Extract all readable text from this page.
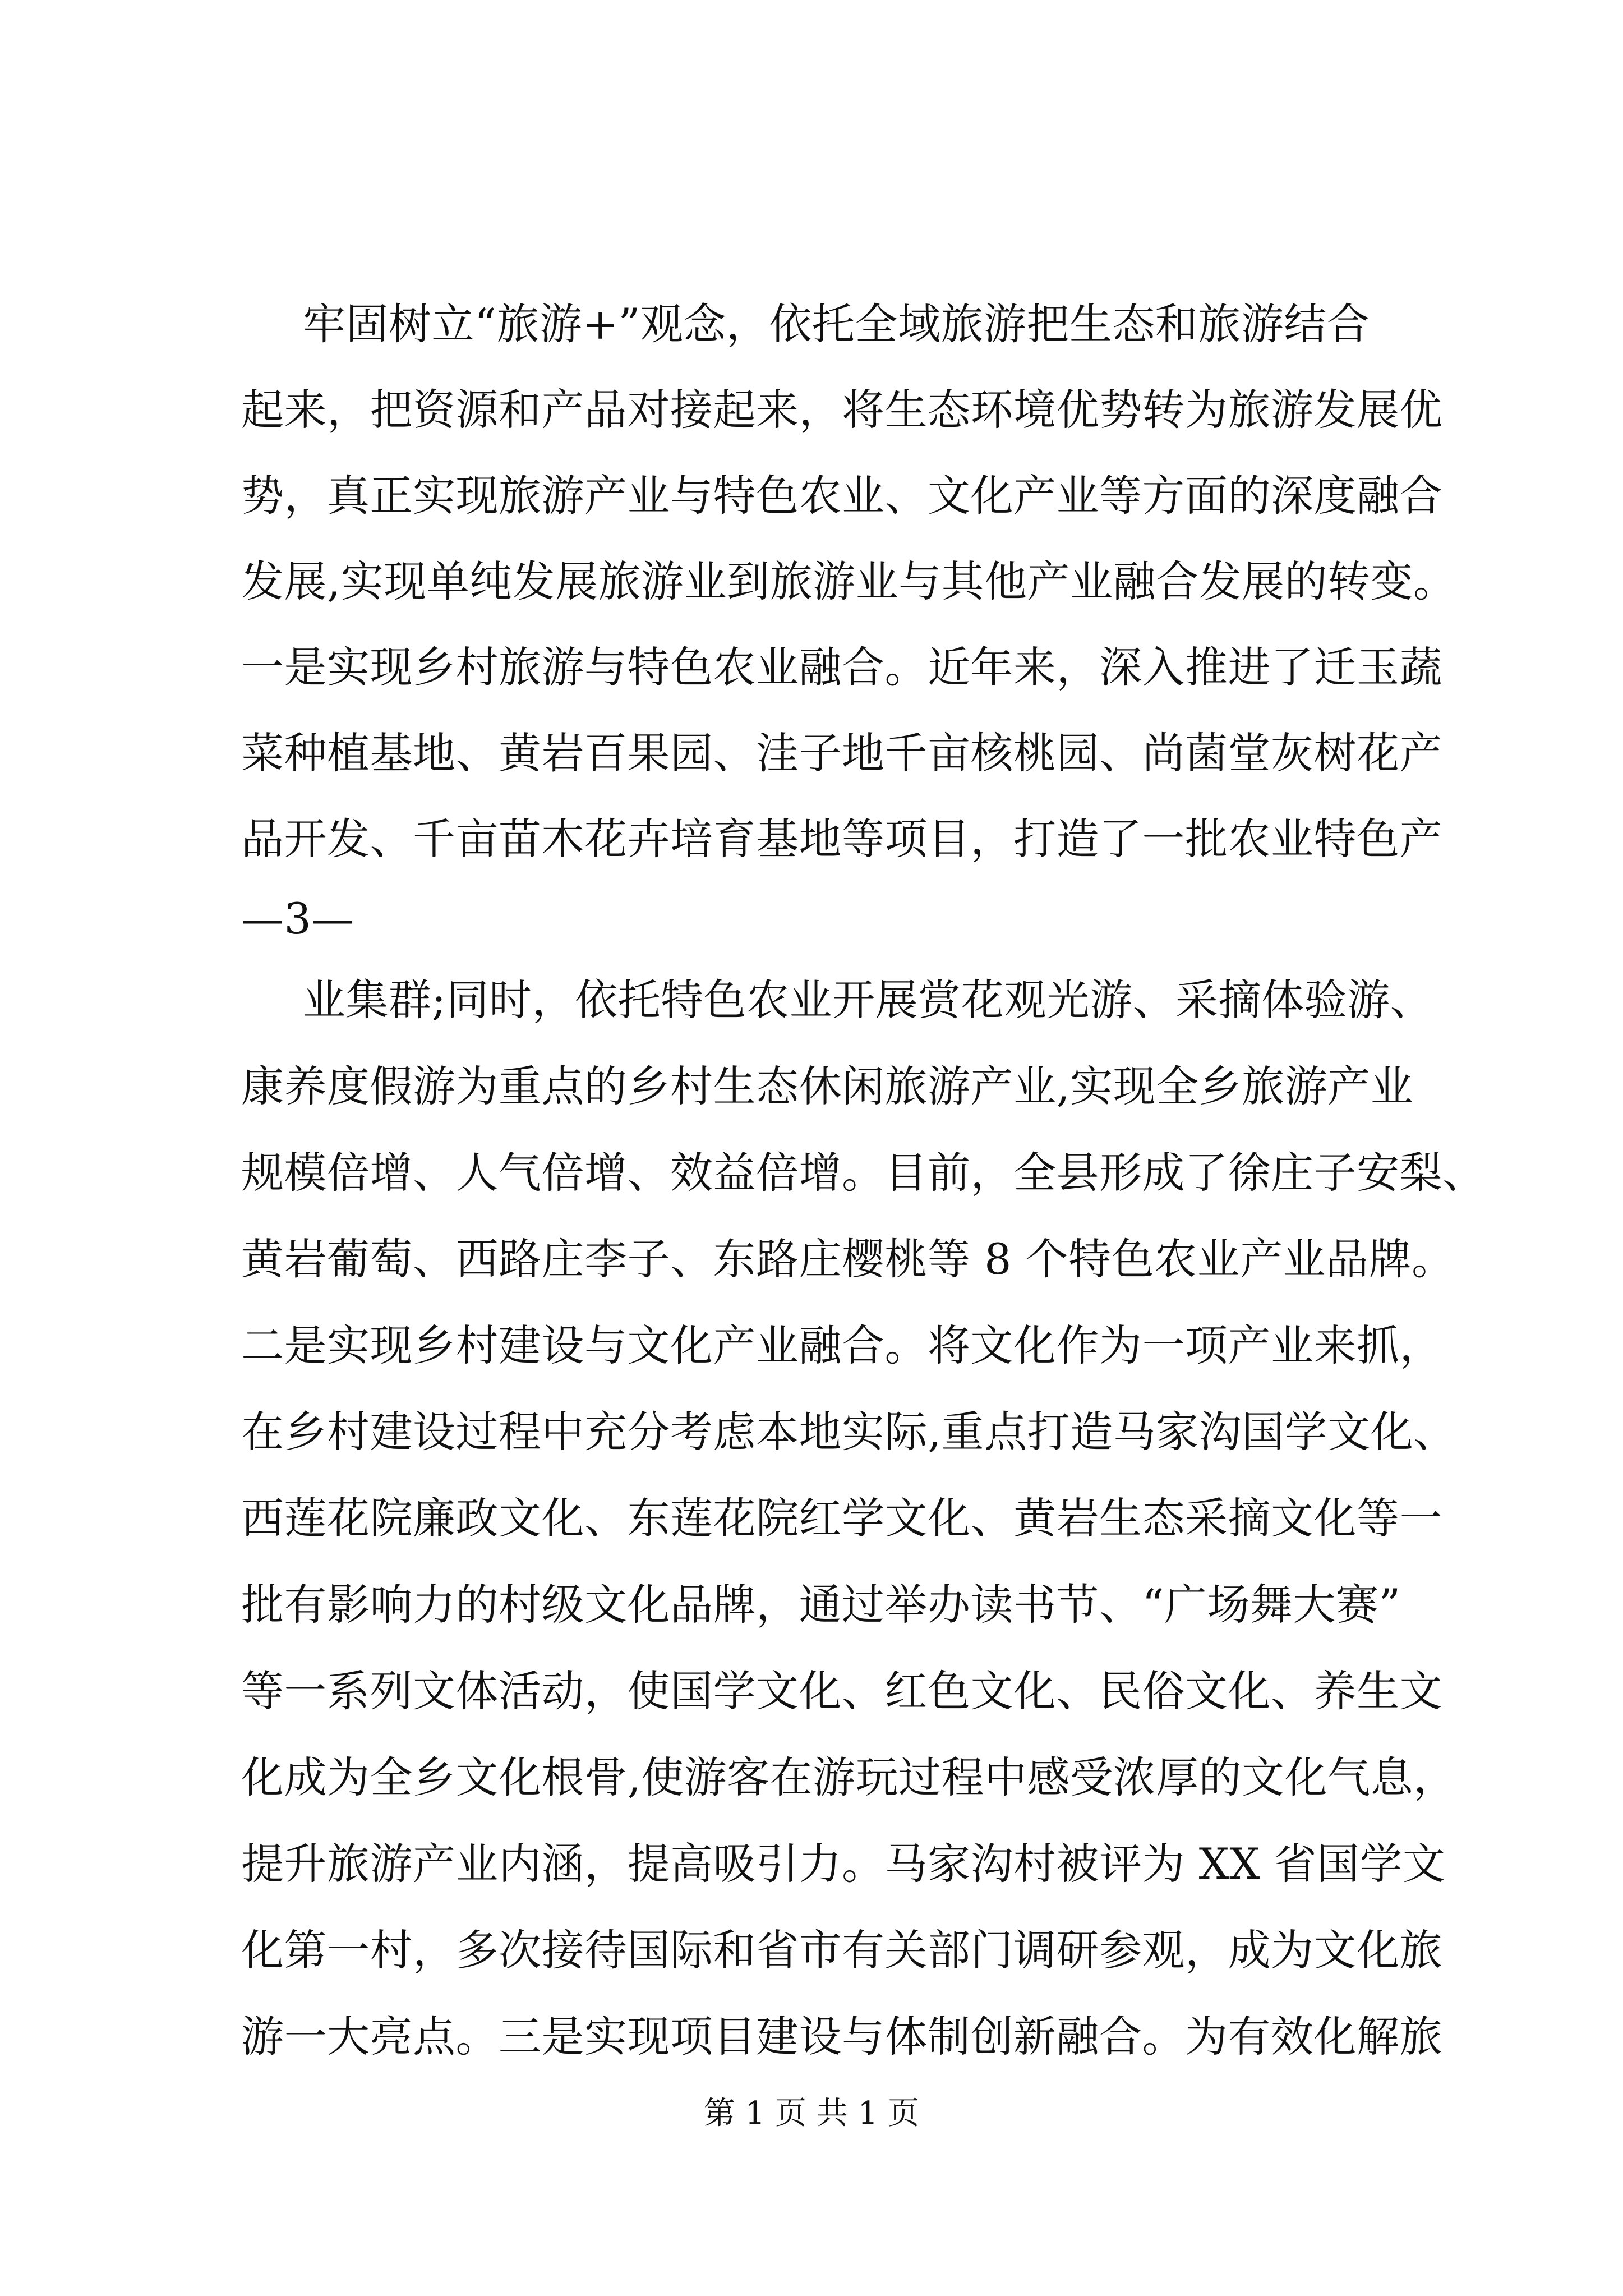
牢固树立“旅游+”观念，依托全域旅游把生态和旅游结合
起来，把资源和产品对接起来，将生态环境优势转为旅游发展优
势，真正实现旅游产业与特色农业、文化产业等方面的深度融合
发展,实现单纯发展旅游业到旅游业与其他产业融合发展的转变。
一是实现乡村旅游与特色农业融合。近年来，深入推进了迁玉蔬
菜种植基地、黄岩百果园、洼子地千亩核桃园、尚菌堂灰树花产
品开发、千亩苗木花卉培育基地等项目，打造了一批农业特色产
—3—
业集群;同时，依托特色农业开展赏花观光游、采摘体验游、
康养度假游为重点的乡村生态休闲旅游产业,实现全乡旅游产业
规模倍增、人气倍增、效益倍增。目前，全县形成了徐庄子安梨、
黄岩葡萄、西路庄李子、东路庄樱桃等 8 个特色农业产业品牌。
二是实现乡村建设与文化产业融合。将文化作为一项产业来抓，
在乡村建设过程中充分考虑本地实际,重点打造马家沟国学文化、
西莲花院廉政文化、东莲花院红学文化、黄岩生态采摘文化等一
批有影响力的村级文化品牌，通过举办读书节、“广场舞大赛”
等一系列文体活动，使国学文化、红色文化、民俗文化、养生文
化成为全乡文化根骨,使游客在游玩过程中感受浓厚的文化气息，
提升旅游产业内涵，提高吸引力。马家沟村被评为 XX 省国学文
化第一村，多次接待国际和省市有关部门调研参观，成为文化旅
游一大亮点。三是实现项目建设与体制创新融合。为有效化解旅
第 1 页 共 1 页
